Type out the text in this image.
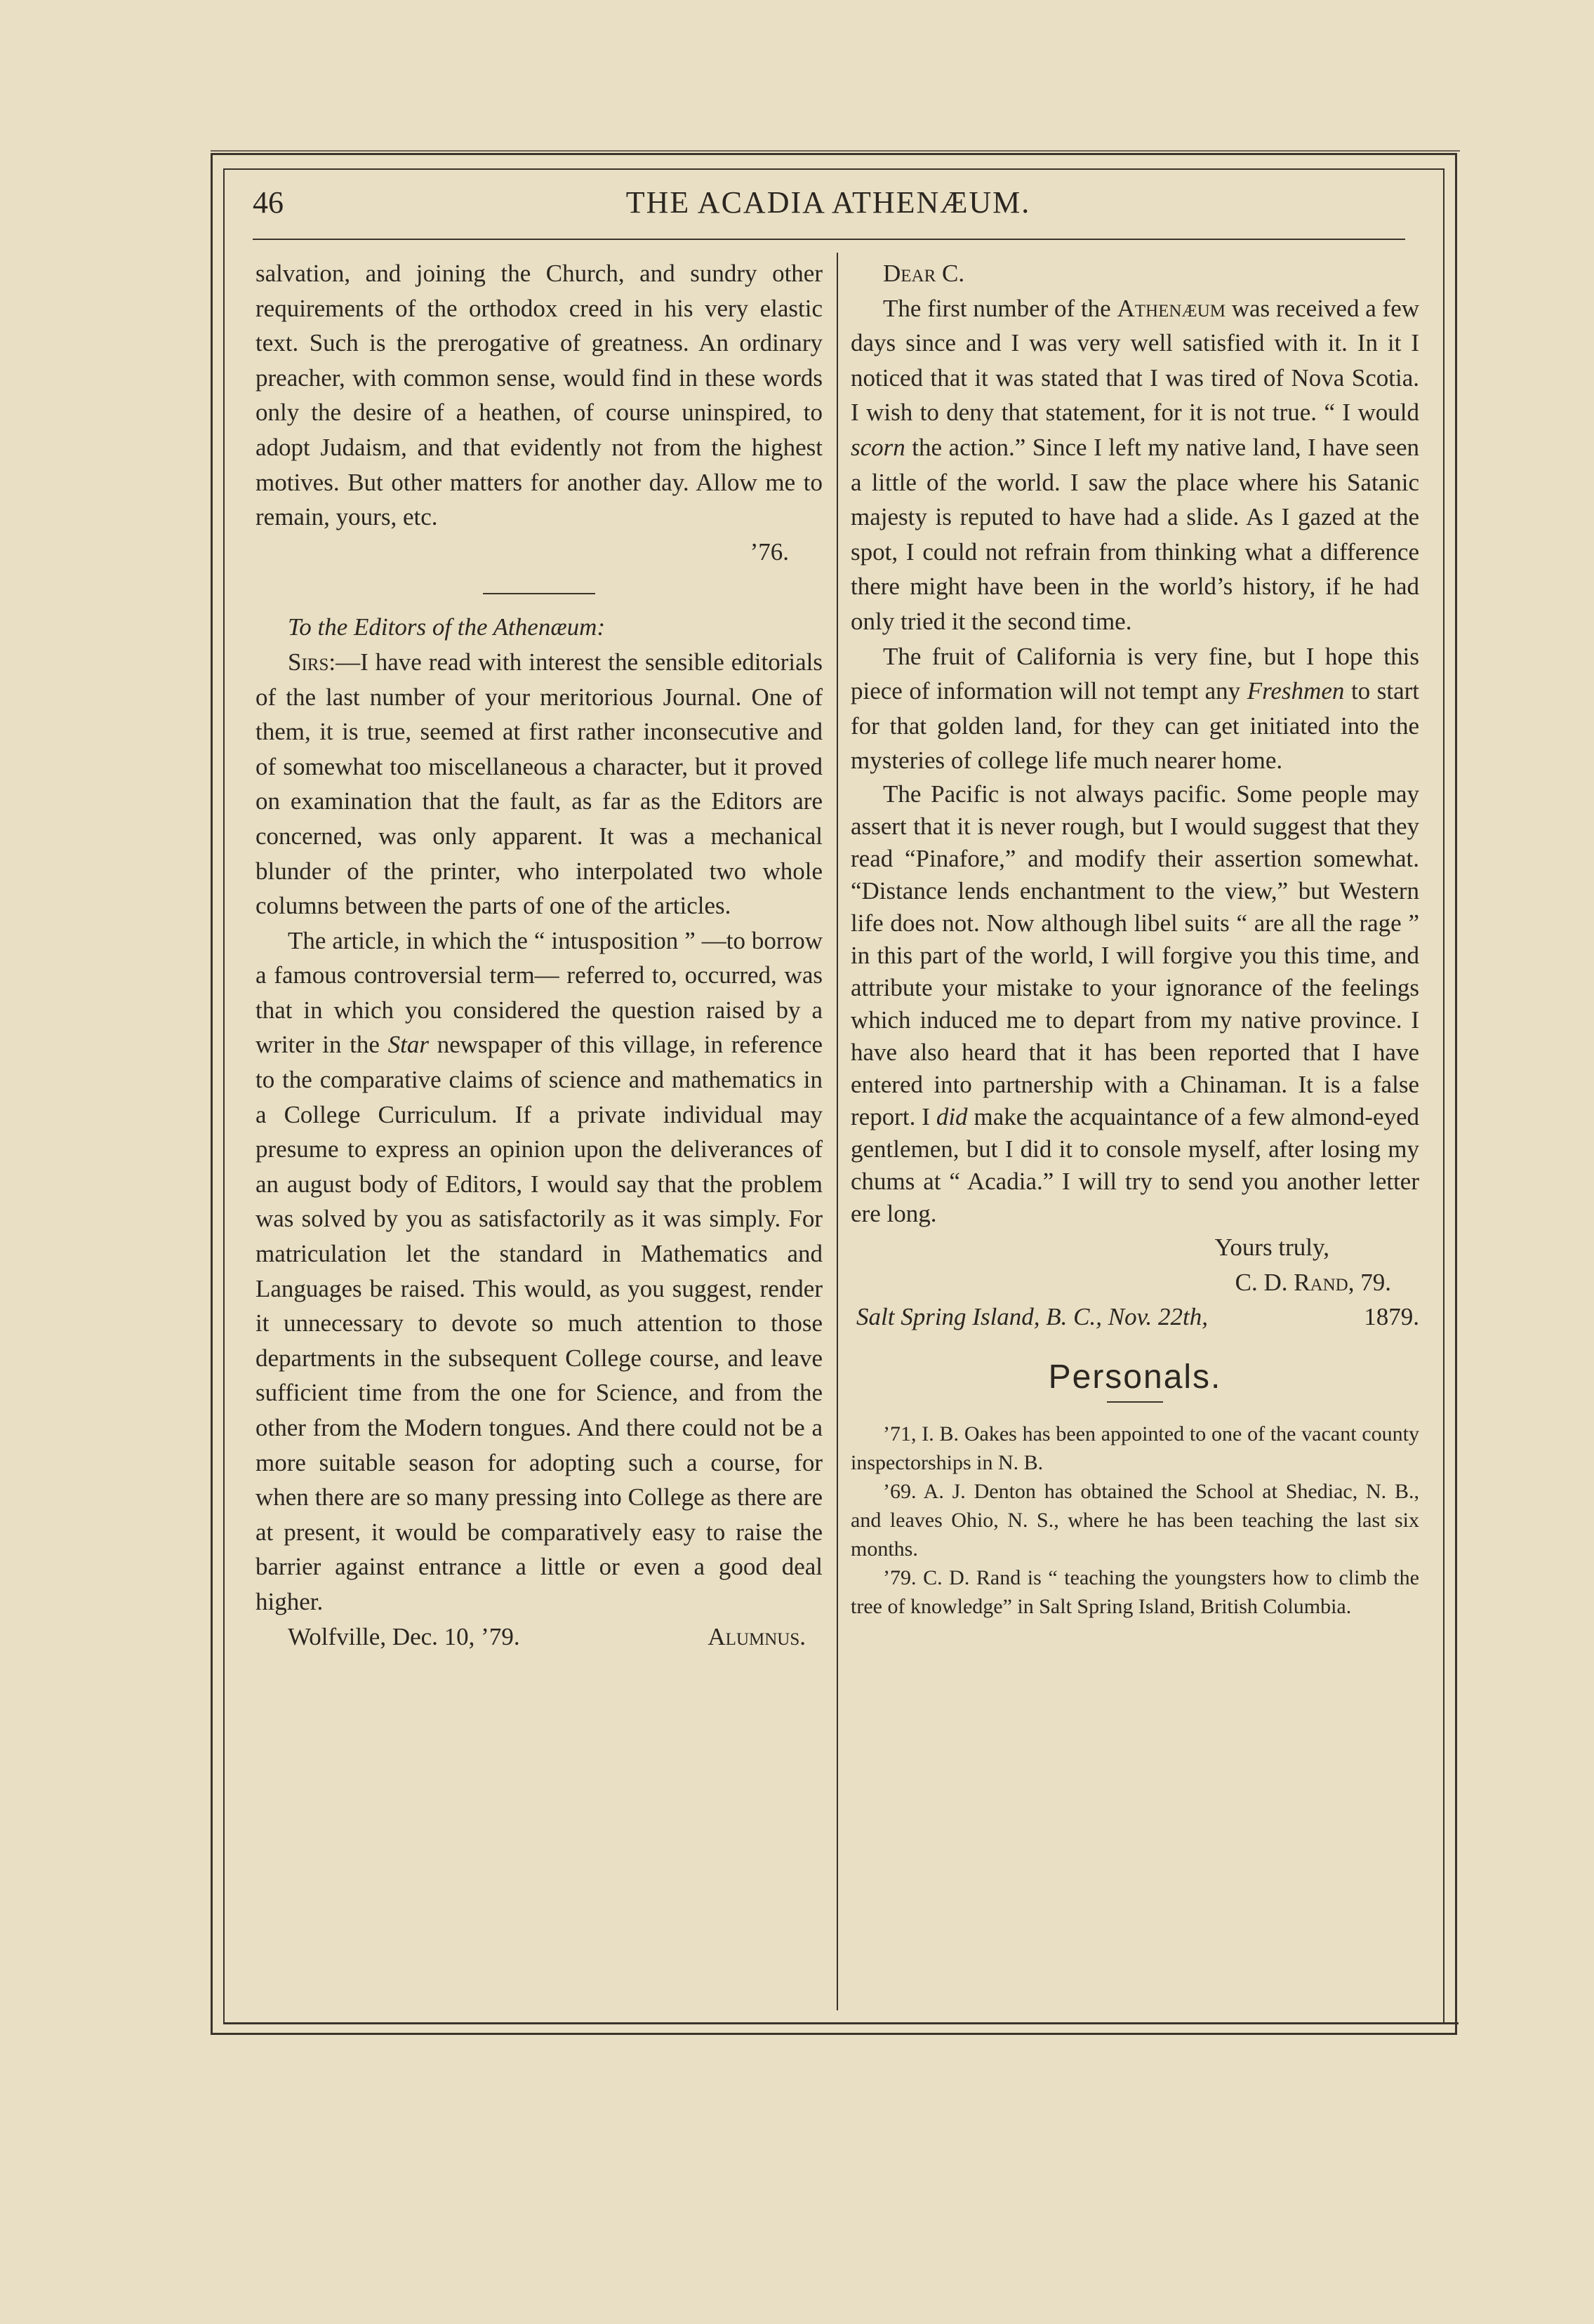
46	THE ACADIA ATHENÆUM.

salvation, and joining the Church, and sundry other requirements of the orthodox creed in his very elastic text. Such is the prerogative of greatness. An ordinary preacher, with common sense, would find in these words only the desire of a heathen, of course uninspired, to adopt Judaism, and that evidently not from the highest motives. But other matters for another day. Allow me to remain, yours, etc.

’76.

To the Editors of the Athenæum:

Sirs:—I have read with interest the sensible editorials of the last number of your meritorious Journal. One of them, it is true, seemed at first rather inconsecutive and of somewhat too miscellaneous a character, but it proved on examination that the fault, as far as the Editors are concerned, was only apparent. It was a mechanical blunder of the printer, who interpolated two whole columns between the parts of one of the articles.

The article, in which the “ intusposition ” —to borrow a famous controversial term— referred to, occurred, was that in which you considered the question raised by a writer in the Star newspaper of this village, in reference to the comparative claims of science and mathematics in a College Curriculum. If a private individual may presume to express an opinion upon the deliverances of an august body of Editors, I would say that the problem was solved by you as satisfactorily as it was simply. For matriculation let the standard in Mathematics and Languages be raised. This would, as you suggest, render it unnecessary to devote so much attention to those departments in the subsequent College course, and leave sufficient time from the one for Science, and from the other from the Modern tongues. And there could not be a more suitable season for adopting such a course, for when there are so many pressing into College as there are at present, it would be comparatively easy to raise the barrier against entrance a little or even a good deal higher.

Wolfville, Dec. 10, ’79.	Alumnus.

Dear C.

The first number of the Athenæum was received a few days since and I was very well satisfied with it. In it I noticed that it was stated that I was tired of Nova Scotia. I wish to deny that statement, for it is not true. “ I would scorn the action.” Since I left my native land, I have seen a little of the world. I saw the place where his Satanic majesty is reputed to have had a slide. As I gazed at the spot, I could not refrain from thinking what a difference there might have been in the world’s history, if he had only tried it the second time.

The fruit of California is very fine, but I hope this piece of information will not tempt any Freshmen to start for that golden land, for they can get initiated into the mysteries of college life much nearer home.

The Pacific is not always pacific. Some people may assert that it is never rough, but I would suggest that they read “Pinafore,” and modify their assertion somewhat. “Distance lends enchantment to the view,” but Western life does not. Now although libel suits “ are all the rage ” in this part of the world, I will forgive you this time, and attribute your mistake to your ignorance of the feelings which induced me to depart from my native province. I have also heard that it has been reported that I have entered into partnership with a Chinaman. It is a false report. I did make the acquaintance of a few almond-eyed gentlemen, but I did it to console myself, after losing my chums at “ Acadia.” I will try to send you another letter ere long.

Yours truly,
C. D. Rand, 79.
Salt Spring Island, B. C., Nov. 22th,	1879.
Personals.

’71, I. B. Oakes has been appointed to one of the vacant county inspectorships in N. B.

’69. A. J. Denton has obtained the School at Shediac, N. B., and leaves Ohio, N. S., where he has been teaching the last six months.

’79. C. D. Rand is “ teaching the youngsters how to climb the tree of knowledge” in Salt Spring Island, British Columbia.
